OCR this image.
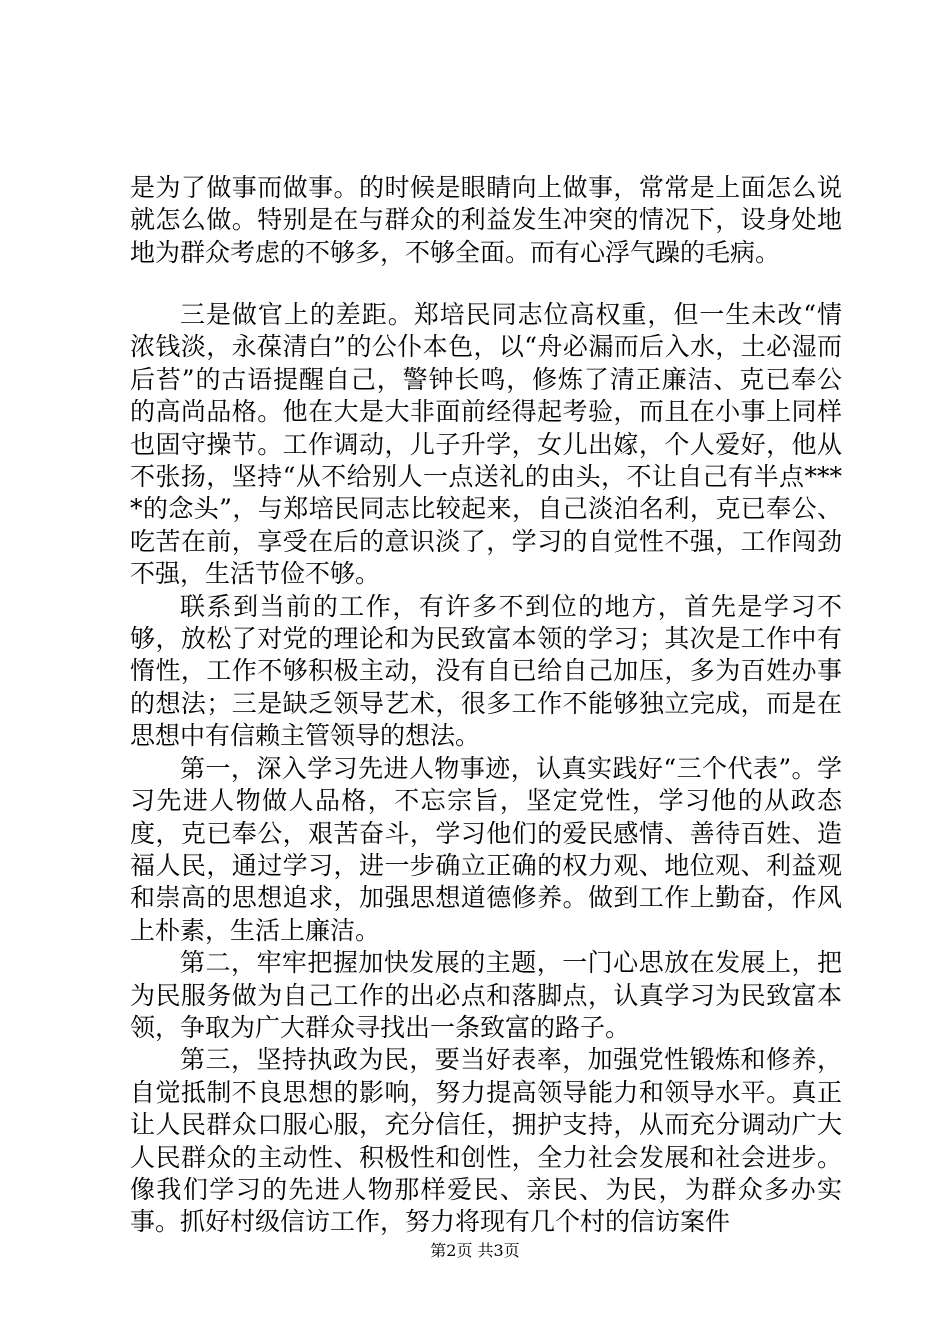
是为了做事而做事。的时候是眼睛向上做事，常常是上面怎么说就怎么做。特别是在与群众的利益发生冲突的情况下，设身处地地为群众考虑的不够多，不够全面。而有心浮气躁的毛病。

三是做官上的差距。郑培民同志位高权重，但一生未改“情浓钱淡，永葆清白”的公仆本色，以“舟必漏而后入水，土必湿而后苔”的古语提醒自己，警钟长鸣，修炼了清正廉洁、克已奉公的高尚品格。他在大是大非面前经得起考验，而且在小事上同样也固守操节。工作调动，儿子升学，女儿出嫁，个人爱好，他从不张扬，坚持“从不给别人一点送礼的由头，不让自己有半点****的念头”，与郑培民同志比较起来，自己淡泊名利，克已奉公、吃苦在前，享受在后的意识淡了，学习的自觉性不强，工作闯劲不强，生活节俭不够。

联系到当前的工作，有许多不到位的地方，首先是学习不够，放松了对党的理论和为民致富本领的学习；其次是工作中有惰性，工作不够积极主动，没有自已给自己加压，多为百姓办事的想法；三是缺乏领导艺术，很多工作不能够独立完成，而是在思想中有信赖主管领导的想法。

第一，深入学习先进人物事迹，认真实践好“三个代表”。学习先进人物做人品格，不忘宗旨，坚定党性，学习他的从政态度，克已奉公，艰苦奋斗，学习他们的爱民感情、善待百姓、造福人民，通过学习，进一步确立正确的权力观、地位观、利益观和崇高的思想追求，加强思想道德修养。做到工作上勤奋，作风上朴素，生活上廉洁。

第二，牢牢把握加快发展的主题，一门心思放在发展上，把为民服务做为自己工作的出必点和落脚点，认真学习为民致富本领，争取为广大群众寻找出一条致富的路子。

第三，坚持执政为民，要当好表率，加强党性锻炼和修养，自觉抵制不良思想的影响，努力提高领导能力和领导水平。真正让人民群众口服心服，充分信任，拥护支持，从而充分调动广大人民群众的主动性、积极性和创性，全力社会发展和社会进步。像我们学习的先进人物那样爱民、亲民、为民，为群众多办实事。抓好村级信访工作，努力将现有几个村的信访案件

第2页 共3页
